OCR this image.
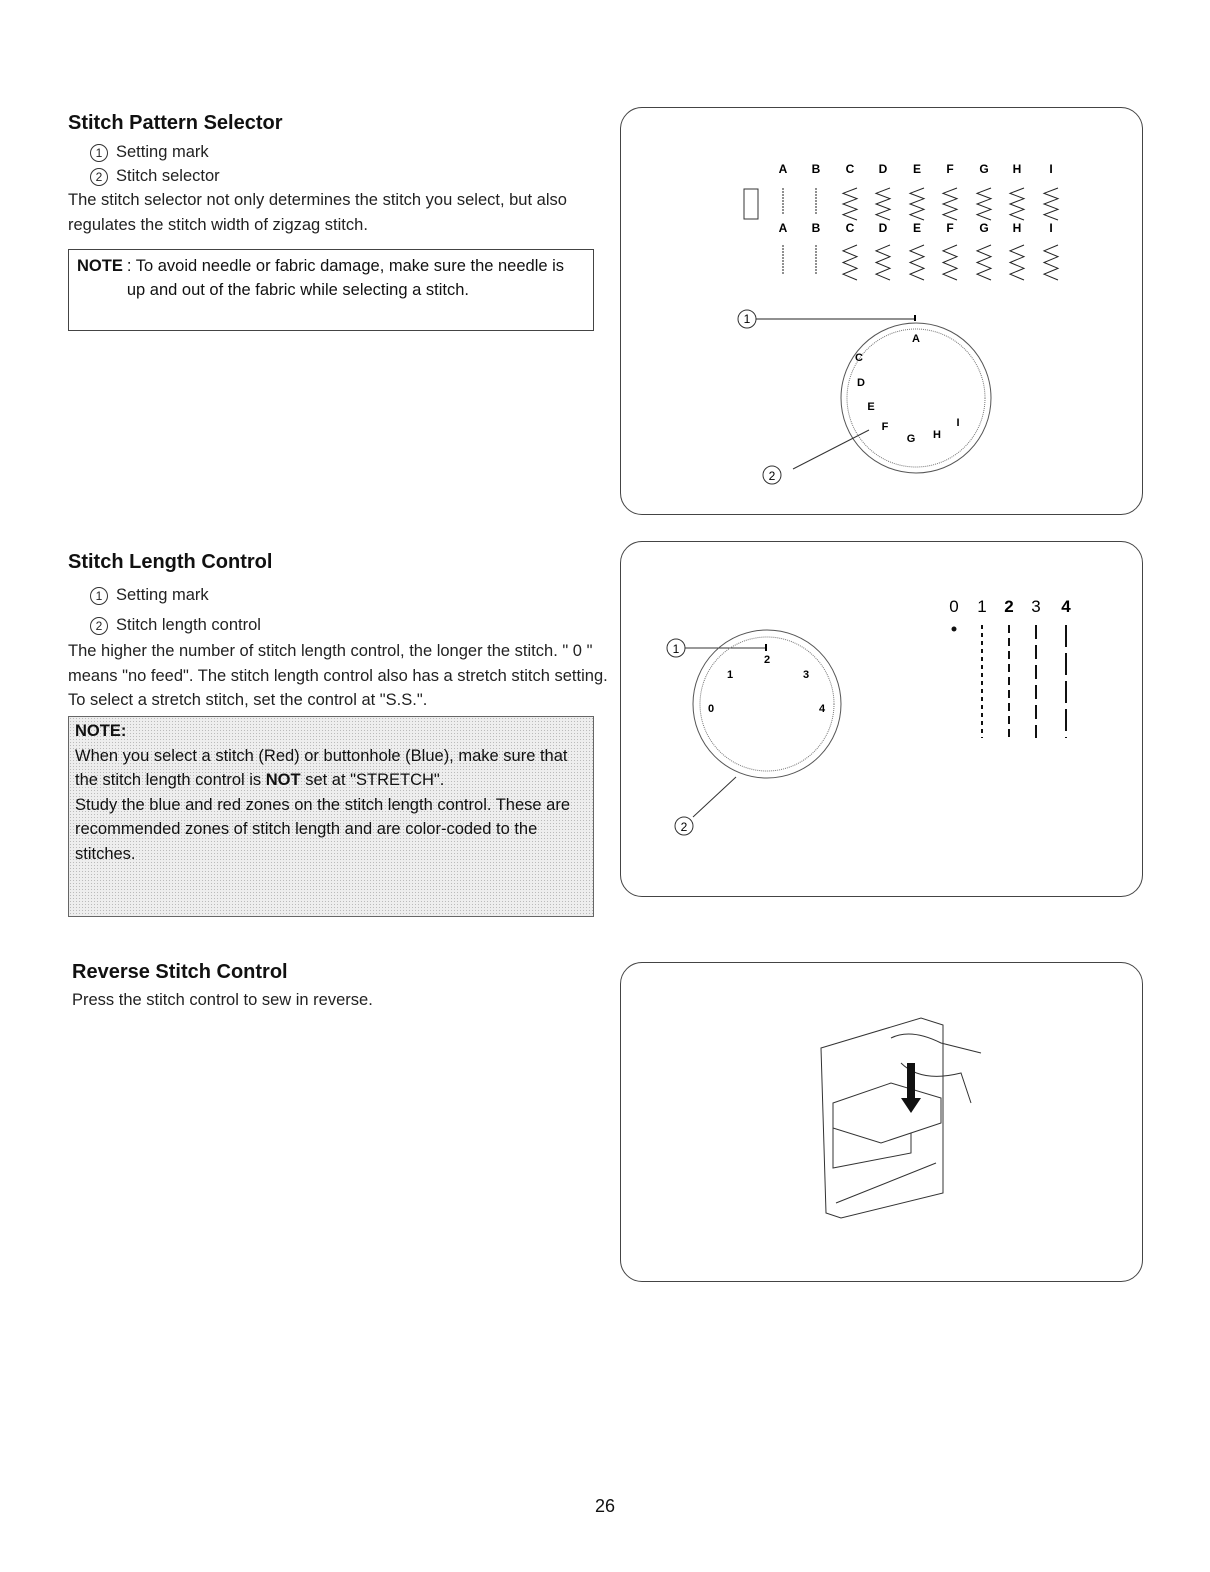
Stitch Pattern Selector
1 Setting mark
2 Stitch selector
The stitch selector not only determines the stitch you select, but also regulates the stitch width of zigzag stitch.
NOTE : To avoid needle or fabric damage, make sure the needle is up and out of the fabric while selecting a stitch.
A B C D E F G H I
A B C D E F G H I
1
A
C
D
E
F
G H
I
2
Stitch Length Control
1 Setting mark
2 Stitch length control
The higher the number of stitch length control, the longer the stitch. " 0 " means "no feed". The stitch length control also has a stretch stitch setting. To select a stretch stitch, set the control at "S.S.".
NOTE:
When you select a stitch (Red) or buttonhole (Blue), make sure that the stitch length control is NOT set at "STRETCH".
Study the blue and red zones on the stitch length control. These are recommended zones of stitch length and are color-coded to the stitches.
0 1 2 3 4
1
0
1
2
3
4
2
Reverse Stitch Control
Press the stitch control to sew in reverse.
26
